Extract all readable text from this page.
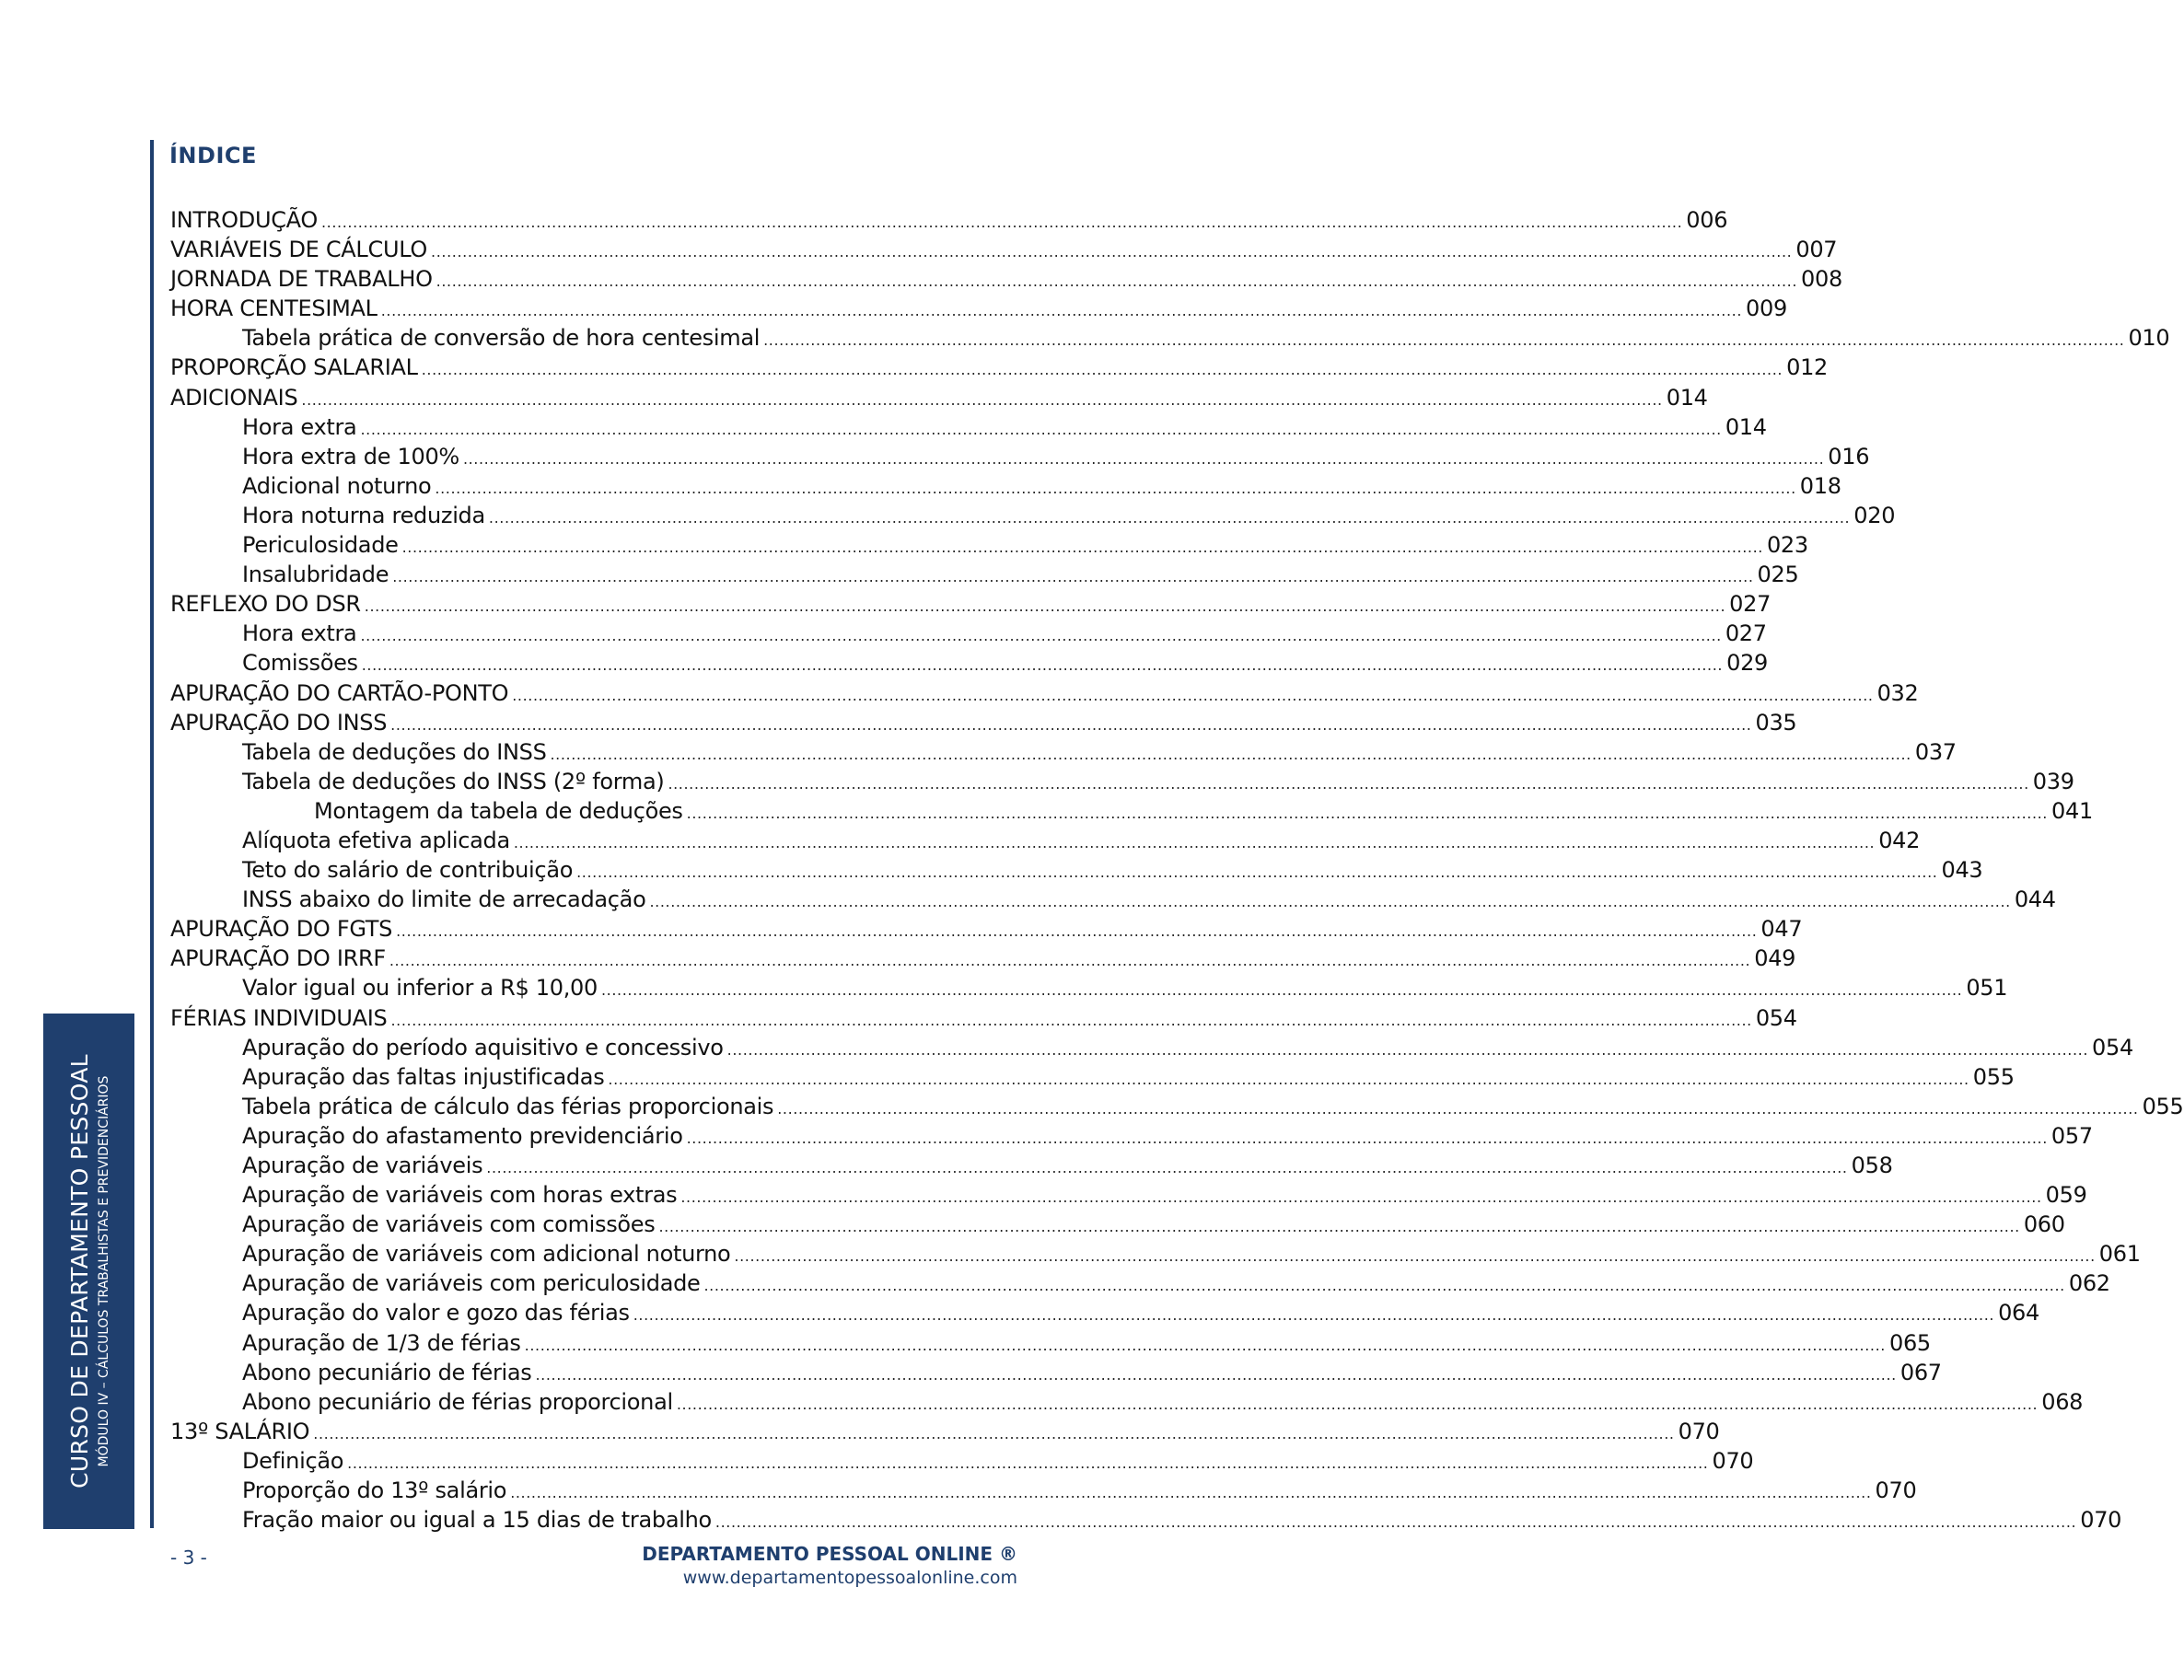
ÍNDICE
INTRODUÇÃO .................................................................................................................................................................................................................................................................... 006
VARIÁVEIS DE CÁLCULO .................................................................................................................................................................................................................................................................... 007
JORNADA DE TRABALHO .................................................................................................................................................................................................................................................................... 008
HORA CENTESIMAL .................................................................................................................................................................................................................................................................... 009
Tabela prática de conversão de hora centesimal .................................................................................................................................................................................................................................................................... 010
PROPORÇÃO SALARIAL .................................................................................................................................................................................................................................................................... 012
ADICIONAIS .................................................................................................................................................................................................................................................................... 014
Hora extra .................................................................................................................................................................................................................................................................... 014
Hora extra de 100% .................................................................................................................................................................................................................................................................... 016
Adicional noturno .................................................................................................................................................................................................................................................................... 018
Hora noturna reduzida .................................................................................................................................................................................................................................................................... 020
Periculosidade .................................................................................................................................................................................................................................................................... 023
Insalubridade .................................................................................................................................................................................................................................................................... 025
REFLEXO DO DSR .................................................................................................................................................................................................................................................................... 027
Hora extra .................................................................................................................................................................................................................................................................... 027
Comissões .................................................................................................................................................................................................................................................................... 029
APURAÇÃO DO CARTÃO-PONTO .................................................................................................................................................................................................................................................................... 032
APURAÇÃO DO INSS .................................................................................................................................................................................................................................................................... 035
Tabela de deduções do INSS .................................................................................................................................................................................................................................................................... 037
Tabela de deduções do INSS (2º forma) .................................................................................................................................................................................................................................................................... 039
Montagem da tabela de deduções .................................................................................................................................................................................................................................................................... 041
Alíquota efetiva aplicada .................................................................................................................................................................................................................................................................... 042
Teto do salário de contribuição .................................................................................................................................................................................................................................................................... 043
INSS abaixo do limite de arrecadação .................................................................................................................................................................................................................................................................... 044
APURAÇÃO DO FGTS .................................................................................................................................................................................................................................................................... 047
APURAÇÃO DO IRRF .................................................................................................................................................................................................................................................................... 049
Valor igual ou inferior a R$ 10,00 .................................................................................................................................................................................................................................................................... 051
FÉRIAS INDIVIDUAIS .................................................................................................................................................................................................................................................................... 054
Apuração do período aquisitivo e concessivo .................................................................................................................................................................................................................................................................... 054
Apuração das faltas injustificadas .................................................................................................................................................................................................................................................................... 055
Tabela prática de cálculo das férias proporcionais .................................................................................................................................................................................................................................................................... 055
Apuração do afastamento previdenciário .................................................................................................................................................................................................................................................................... 057
Apuração de variáveis .................................................................................................................................................................................................................................................................... 058
Apuração de variáveis com horas extras .................................................................................................................................................................................................................................................................... 059
Apuração de variáveis com comissões .................................................................................................................................................................................................................................................................... 060
Apuração de variáveis com adicional noturno .................................................................................................................................................................................................................................................................... 061
Apuração de variáveis com periculosidade .................................................................................................................................................................................................................................................................... 062
Apuração do valor e gozo das férias .................................................................................................................................................................................................................................................................... 064
Apuração de 1/3 de férias .................................................................................................................................................................................................................................................................... 065
Abono pecuniário de férias .................................................................................................................................................................................................................................................................... 067
Abono pecuniário de férias proporcional .................................................................................................................................................................................................................................................................... 068
13º SALÁRIO .................................................................................................................................................................................................................................................................... 070
Definição .................................................................................................................................................................................................................................................................... 070
Proporção do 13º salário .................................................................................................................................................................................................................................................................... 070
Fração maior ou igual a 15 dias de trabalho .................................................................................................................................................................................................................................................................... 070
CURSO DE DEPARTAMENTO PESSOAL MÓDULO IV – CÁLCULOS TRABALHISTAS E PREVIDENCIÁRIOS
- 3 -	DEPARTAMENTO PESSOAL ONLINE ®
www.departamentopessoalonline.com
